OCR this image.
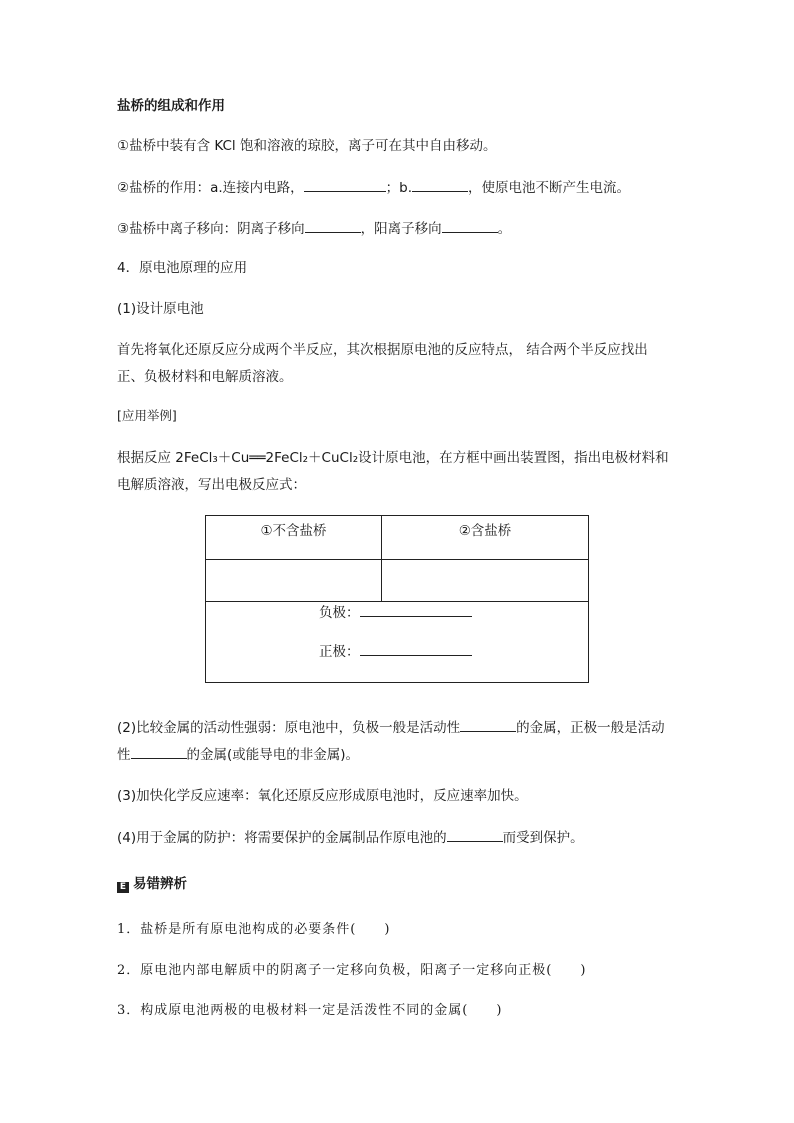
盐桥的组成和作用
①盐桥中装有含 KCl 饱和溶液的琼胶，离子可在其中自由移动。
②盐桥的作用：a.连接内电路，	；b.	，使原电池不断产生电流。
③盐桥中离子移向：阴离子移向	，阳离子移向	。
4．原电池原理的应用
(1)设计原电池
首先将氧化还原反应分成两个半反应，其次根据原电池的反应特点， 结合两个半反应找出
正、负极材料和电解质溶液。
[应用举例]
根据反应 2FeCl₃＋Cu══2FeCl₂＋CuCl₂设计原电池，在方框中画出装置图，指出电极材料和
电解质溶液，写出电极反应式：
①不含盐桥	②含盐桥

负极：
正极：
(2)比较金属的活动性强弱：原电池中，负极一般是活动性	的金属，正极一般是活动
性	的金属(或能导电的非金属)。
(3)加快化学反应速率：氧化还原反应形成原电池时，反应速率加快。
(4)用于金属的防护：将需要保护的金属制品作原电池的	而受到保护。
E 易错辨析
1．盐桥是所有原电池构成的必要条件(　　)
2．原电池内部电解质中的阴离子一定移向负极，阳离子一定移向正极(　　)
3．构成原电池两极的电极材料一定是活泼性不同的金属(　　)
